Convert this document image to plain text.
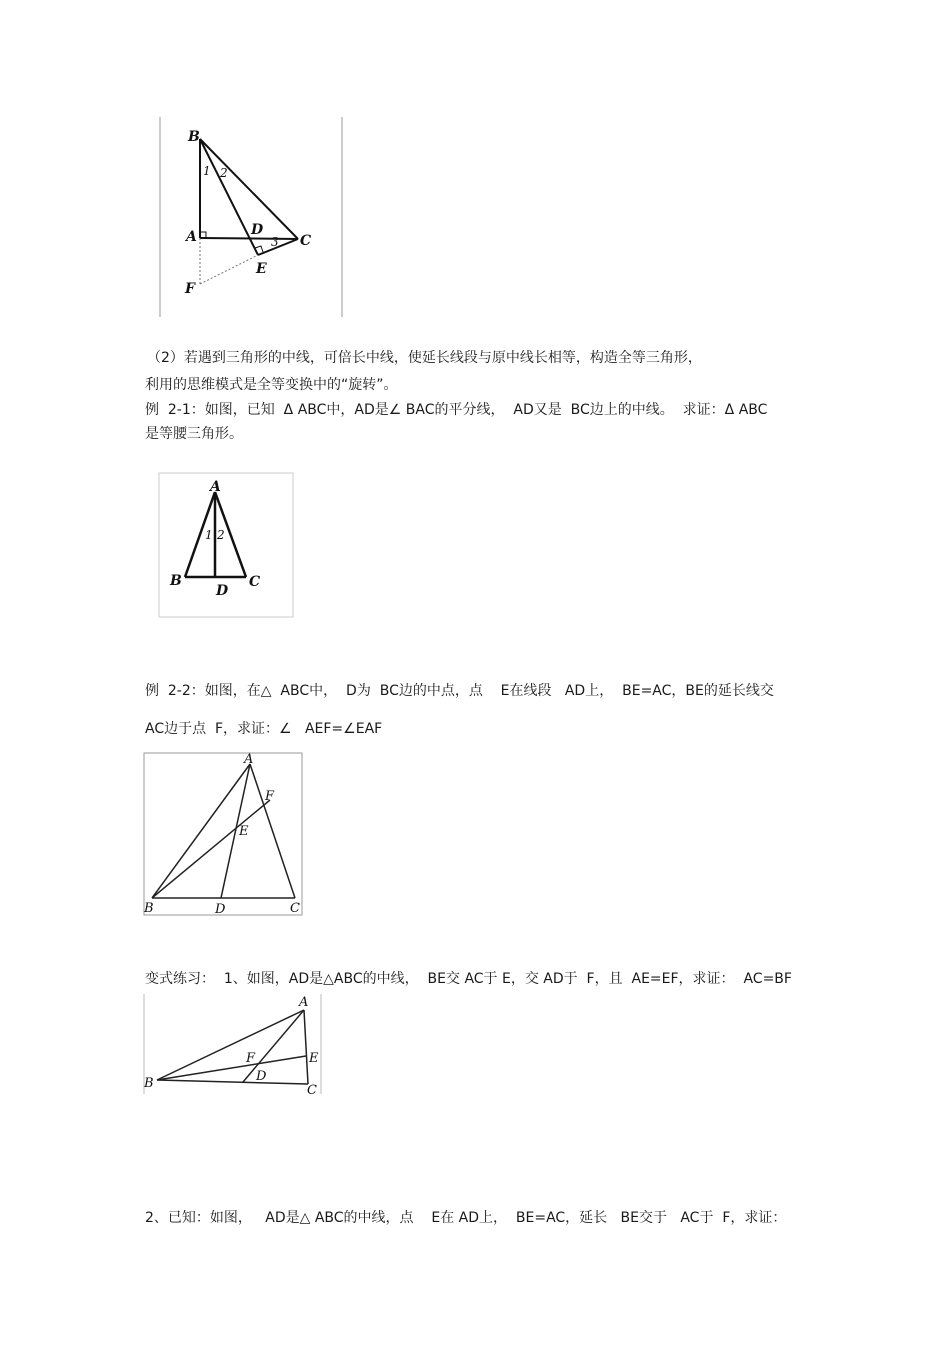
B
1 2
A	D
C
3
E
F
（2）若遇到三角形的中线，可倍长中线，使延长线段与原中线长相等，构造全等三角形，
利用的思维模式是全等变换中的“旋转”。
例  2-1：如图，已知  Δ ABC中，AD是∠ BAC的平分线，  AD又是  BC边上的中线。  求证：Δ ABC
是等腰三角形。
A
1 2
B
D
C
例  2-2：如图，在△  ABC中，  D为  BC边的中点，点    E在线段   AD上，  BE=AC，BE的延长线交
AC边于点  F，求证：∠   AEF=∠EAF
A
F
E
B	D	C
变式练习：  1、如图，AD是△ABC的中线，  BE交 AC于 E，交 AD于  F，且  AE=EF，求证：  AC=BF
A
F	E
D
B	C
2、已知：如图，   AD是△ ABC的中线，点    E在 AD上，  BE=AC，延长   BE交于   AC于  F，求证：
